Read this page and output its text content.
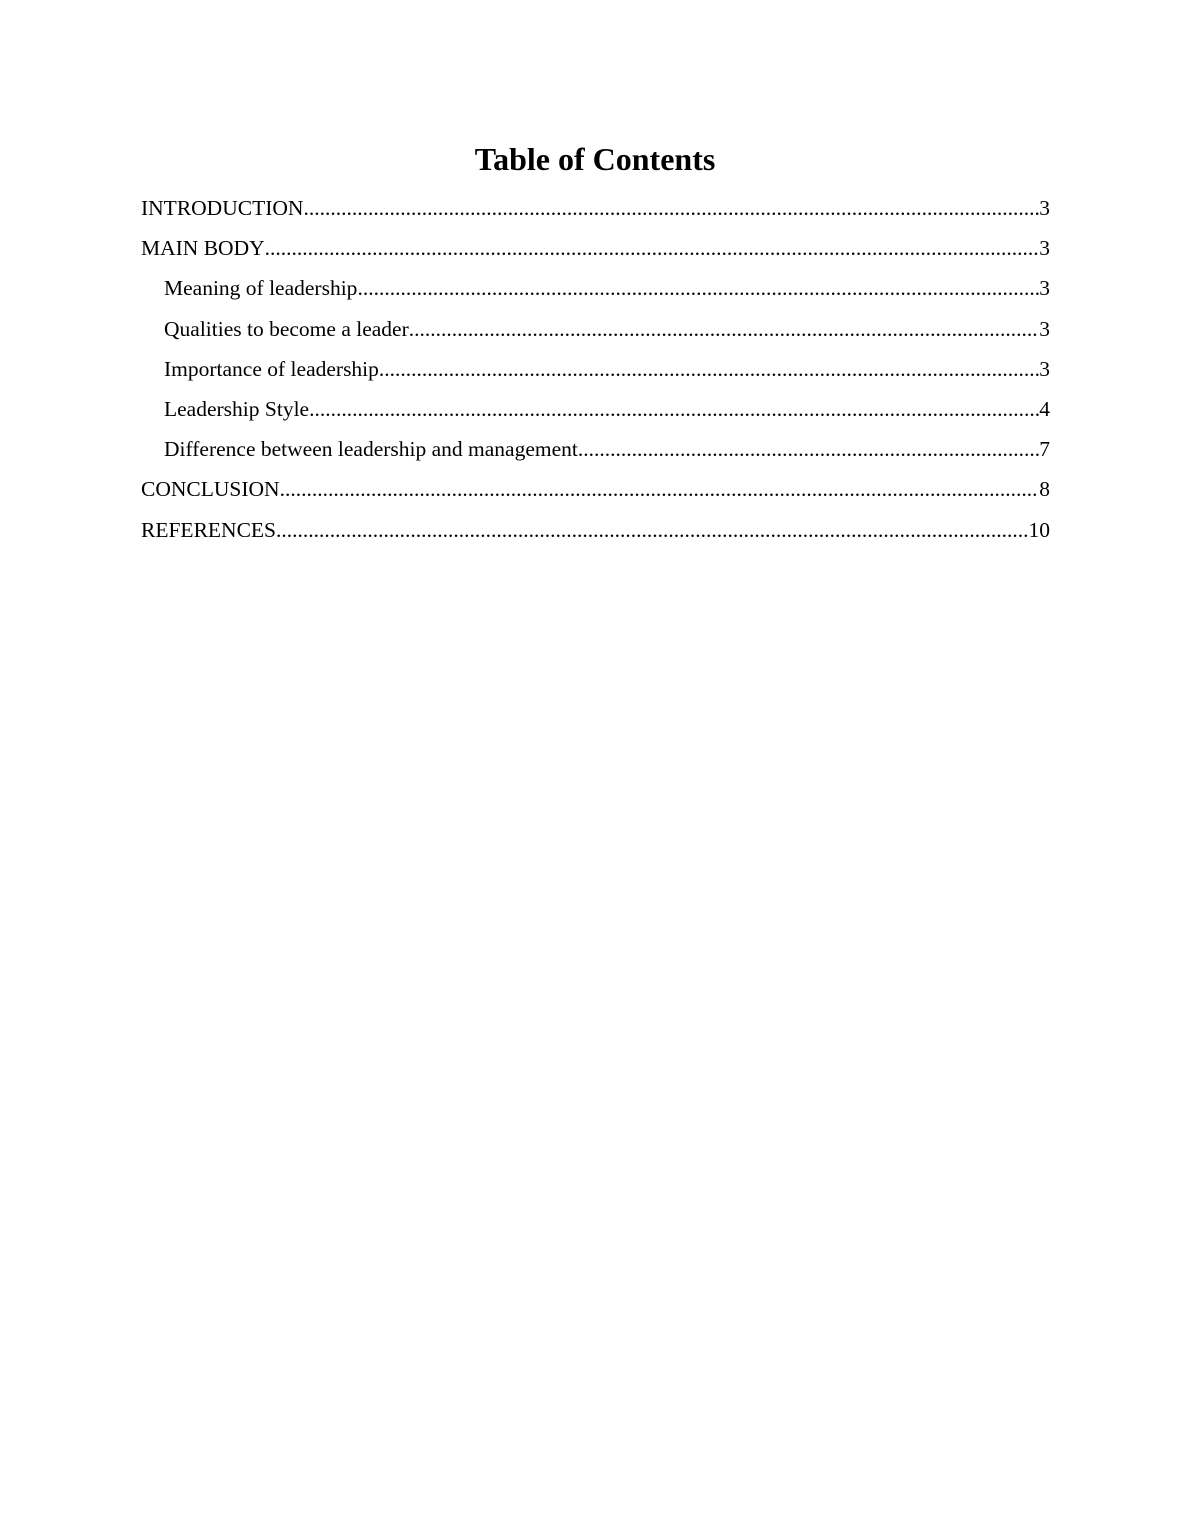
Table of Contents
INTRODUCTION .....	3
MAIN BODY .....	3
Meaning of leadership .....	3
Qualities to become a leader .....	3
Importance of leadership .....	3
Leadership Style .....	4
Difference between leadership and management .....	7
CONCLUSION .....	8
REFERENCES .....	10
